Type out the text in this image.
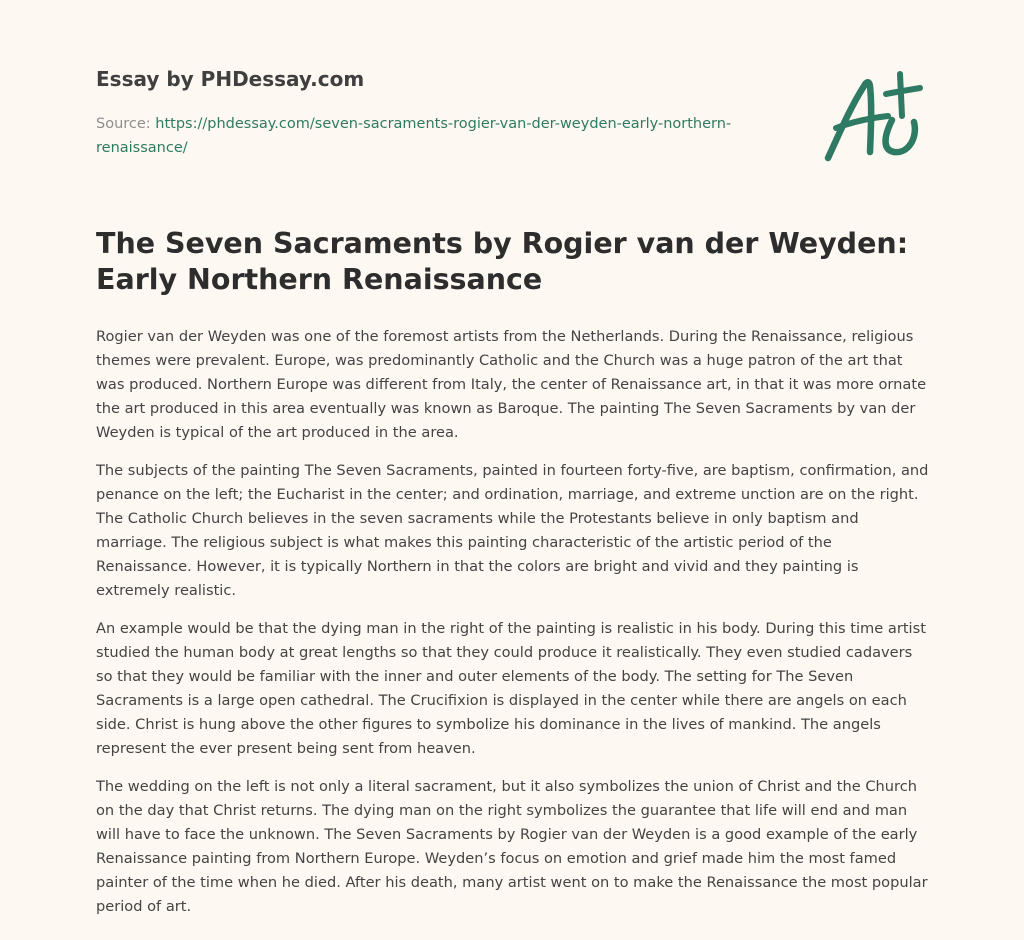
Essay by PHDessay.com
Source: https://phdessay.com/seven-sacraments-rogier-van-der-weyden-early-northern-renaissance/
The Seven Sacraments by Rogier van der Weyden: Early Northern Renaissance

Rogier van der Weyden was one of the foremost artists from the Netherlands. During the Renaissance, religious themes were prevalent. Europe, was predominantly Catholic and the Church was a huge patron of the art that was produced. Northern Europe was different from Italy, the center of Renaissance art, in that it was more ornate the art produced in this area eventually was known as Baroque. The painting The Seven Sacraments by van der Weyden is typical of the art produced in the area.

The subjects of the painting The Seven Sacraments, painted in fourteen forty-five, are baptism, confirmation, and penance on the left; the Eucharist in the center; and ordination, marriage, and extreme unction are on the right. The Catholic Church believes in the seven sacraments while the Protestants believe in only baptism and marriage. The religious subject is what makes this painting characteristic of the artistic period of the Renaissance. However, it is typically Northern in that the colors are bright and vivid and they painting is extremely realistic.

An example would be that the dying man in the right of the painting is realistic in his body. During this time artist studied the human body at great lengths so that they could produce it realistically. They even studied cadavers so that they would be familiar with the inner and outer elements of the body. The setting for The Seven Sacraments is a large open cathedral. The Crucifixion is displayed in the center while there are angels on each side. Christ is hung above the other figures to symbolize his dominance in the lives of mankind. The angels represent the ever present being sent from heaven.

The wedding on the left is not only a literal sacrament, but it also symbolizes the union of Christ and the Church on the day that Christ returns. The dying man on the right symbolizes the guarantee that life will end and man will have to face the unknown. The Seven Sacraments by Rogier van der Weyden is a good example of the early Renaissance painting from Northern Europe. Weyden’s focus on emotion and grief made him the most famed painter of the time when he died. After his death, many artist went on to make the Renaissance the most popular period of art.
